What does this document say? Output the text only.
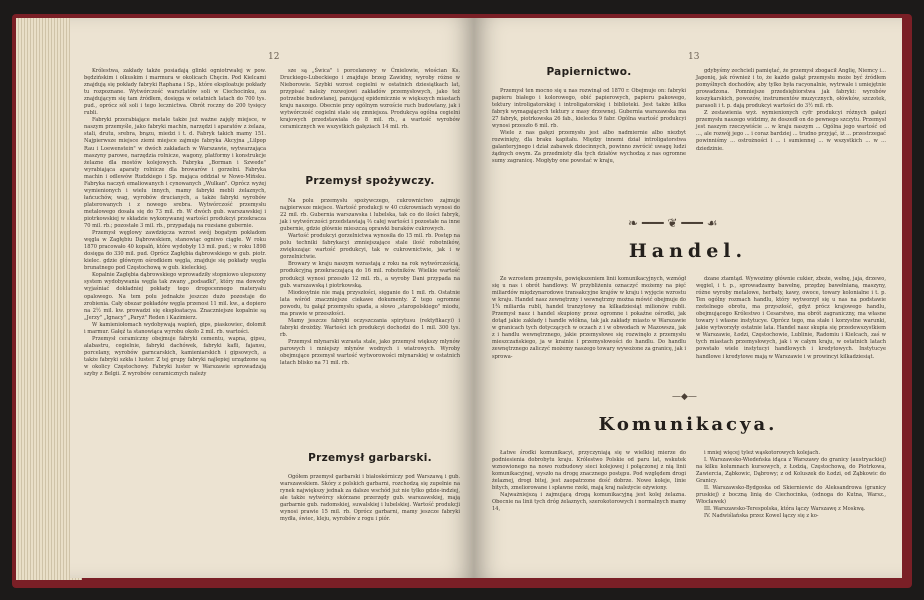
12

Królestwa, zakłady także posiadają glinki ogniotrwałej w pow. będzińskim i olkuskim i marmura w okolicach Chęcin. Pod Kielcami znajdują się pokłady fabryki Raphana i Sp., które eksploatuje pokłady tu rozpoznane. Wytwórczość warsztatów soli w Ciechocinku, za znajdującym się tam źródłem, dosięga w ostatnich latach do 700 tys. pud., oprócz sól soli i tego lecznictwa. Obrót roczny do 200 tysięcy rubli.

Fabryki przerabiające metale także już ważne zajęły miejsce, w naszym przemyśle, jako fabryki machin, narzędzi i aparatów z żelaza, stali, drutu, srebra, brązu, miedzi i t. d. Fabryk takich mamy 151. Najpierwsze miejsce ziemi miejsce zajmuje fabryka Akcyjna „Lilpop Rau i Loewenstein" w dwóch zakładach w Warszawie, wytwarzająca maszyny parowe, narzędzia rolnicze, wagony, platformy i konstrukcje żelazne dla mostów kolejowych. Fabryka „Borman i Szwede" wyrabiająca aparaty rolnicze dla browarów i gorzelni. Fabryka machin i odlewów Rudzkiego i Sp. mająca oddział w Nowo-Mińsku. Fabryka naczyń emaliowanych i cynowanych „Wulkan". Oprócz wyżej wymienionych i wielu innych, mamy fabryki mebli żelaznych, łańcuchów, wag, wyrobów drucianych, a także fabryki wyrobów platerowanych i z nowego srebra. Wytwórczość przemysłu metalowego dosała się do 73 mil. rb. W dwóch gub. warszawskiej i piotrkowskiej w składzie wykonywanej wartości produkcyi przekracza 70 mil. rb.; pozostałe 3 mil. rb., przypadają na rozsiane gubernie.

Przemysł węglowy zawdzięcza wzrost swój bogatym pokładom węgla w Zagłębiu Dąbrowskiem, stanowiąc ogniwo ciągłe. W roku 1870 pracowało 40 kopalń, które wydobyły 13 mil. pud.; w roku 1898 dosięga do 330 mil. pud. Oprócz Zagłębia dąbrowskiego w gub. piotr. kielec. gdzie głównym ośrodkiem węgla, znajduje się pokłady węgla brunatnego pod Częstochową w gub. kieleckiej.

Kopalnie Zagłębia dąbrowskiego wprowadziły stopniowo ulepszony system wydobywania węgla tak zwany „podsadki", który ma dowody wyjaśniać dokładniej pokłady tego drogocennego materyału opalowego. Na tem polu jednakże jeszcze dużo pozostaje do zrobienia. Cały obszar pokładów węgla przenosi 11 mil. kw., a dopiero na 2½ mil. kw. prowadzi się eksploatacya. Znaczniejsze kopalnie są „Jerzy" „Ignacy" „Paryż" Reden i Kazimierz.

W kamieniołomach wydobywają wapień, gips, piaskowiec, dolomit i marmur. Gałęź ta stanowiąca wyrobu około 2 mil. rb. wartości.

Przemysł ceramiczny obejmuje fabryki cementu, wapna, gipsu, alabastru, cegielnie, fabryki dachówek, fabryki kafli, fajansu, porcelany, wyrobów garncarskich, kamieniarskich i gipsowych, a także fabryki szkła i luster. Z tej grupy fabryki najlepiej urządzone są w okolicy Częstochowy. Fabryki luster w Warszawie sprowadzają szyby z Belgii. Z wyrobów ceramicznych należy

sze są „Świca" i porcelanowy w Ćmielowie, włościan Ks. Druckiego-Lubeckiego i znajduje brzeg Zawidny, wyroby różne w Nieborowie. Szybki wzrost cegielni w ostatnich dziesiątkach lat, przypisać należy rozwojowi zakładów przemysłowych, jako też potrzebie budowlanej, panującej epidemicznie w większych miastach kraju naszego. Obecnie przy ogólnym wzroście ruch budowlany, jak i wytwórczość cegielni stale się zmniejsza. Produkcya ogólna cegielni krajowych przedstawiała do 8 mil. rb., a wartość wyrobów ceramicznych we wszystkich gałęziach 14 mil. rb.

Przemysł spożywczy.

Na polu przemysłu spożywczego, cukrownictwo zajmuje najpierwsze miejsce. Wartość produkcji w 40 cukrowniach wynosi do 22 mil. rb. Gubernia warszawska i lubelska, tak co do ilości fabryk, jak i wytwórczości przedstawiają ⅔ całej wartości i pozostałe na inne gubernie, gdzie głównie mieszczą oprawki buraków cukrowych.

Wartość produkcyi gorzelnictwa wynosiła do 15 mil. rb. Postęp na polu techniki fabrykacyi zmniejszające stale ilość robotników, zwiększając wartość produkcyi, tak w cukrownictwie, jak i w gorzelnictwie.

Browary w kraju naszym wzrastają z roku na rok wytwórczością, produkcyjną przekraczającą do 16 mil. robotników. Wielkie wartość produkcji wynosi przeszło 12 mil. rb., a wyroby Dani przypada na gub. warszawską i piotrkowską.

Miodosytnie nie mają przyszłości, sięganie do 1 mil. rb. Ostatnie lata wśród znaczniejsze ciekawe dokumenty. Z tego ogromne powodu, tu gałąź przemysłu spada, a słowo „staropolskiego" miodu, ma prawie w przeszłości.

Mamy jeszcze fabryki oczyszczania spirytusu (rektyfikacyi) i fabryki drożdży. Wartości ich produkcyi dochodzi do 1 mil. 300 tys. rb.

Przemysł młynarski wzrasta stale, jako przemysł większy młynów parowych i mniejszy młynów wodnych i wiatrowych. Wyroby obejmujące przemysł wartość wytworowości młynarskiej w ostatnich latach blisko na 71 mil. rb.

Przemysł garbarski.

Ogółem przemysł garbarski i białoskórniczy pod Warszawą i gub. warszawskiem. Skóry z polskich garbarni, rozchodzą się zupełnie na rynek największy jednak za dalsze wschód już nie tylko gdzie-indziej, ale także wytwórcy skórzane przerzędy gub. warszawskiej, mają garbarnie gub. radomskiej, suwalskiej i lubelskiej. Wartość produkcji wynosi prawie 15 mil. rb. Oprócz garbarni, mamy jeszcze fabryki mydła, świec, kleju, wyrobów z rogu i piór.

13
Papiernictwo.

Przemysł ten mocno się u nas rozwinął od 1870 r. Obejmuje on: fabryki papieru białego i kolorowego, obić papierowych, papieru pakowego, tektury introligatorskiej i introligatorskiej i biblioteki. Jest także kilka fabryk wymagających tektury z masy drzewnej. Gubernia warszawska ma 27 fabryk, piotrkowska 26 fab., kielecka 9 fabr. Ogólna wartość produkcyi wynosi przeszło 6 mil. rb.

Wiele z nas gałęzi przemysłu jest albo nadmiernie albo niezbyt rozwinięty, dla braku kapitału. Między innemi dział introligatorstwa galanteryjnego i dział zabawek dziecinnych, powinno zwrócić uwagę ludzi żądnych owym. Za przedmioty dla tych działów wychodzą z nas ogromne sumy zagranicę. Mogłyby one powstać w kraju,

gdybyśmy zechcieli pamiętać, że przemysł zbogacił Anglię, Niemcy i... Japonię, jak również i to, że każdo gałąź przemysłu może być źródłem pomyślnych dochodów, aby tylko była racyonalnie, wytrwale i umiejętnie prowadzona. Pomniejsze przedsiębiorstwa jak fabryki: wyrobów koszykarskich, powozów, instrumentów muzycznych, ołówków, szczotek, parasoli i t. p. dają produkcyi wartości do 3½ mil. rb.

Z zestawienia wyż. wymienionych cyfr produkcyi różnych gałęzi przemysłu naszego widzimy, że doszedł on do pewnego szczytu. Przemysł jest naszym rzeczywiście ... w kraju naszym ... Ogólna jego wartość od ..., ale rozwój jego ... i coraz bardziej ... trudno przyjąć, iż ... przestrzegać powinniśmy ... ostrożności i ... i sumiennej ... w wszystkich ... w ... dziedzinie.

❧ ━━━ ❦ ━━━ ☙
Handel.

Ze wzrostem przemysłu, powiększeniem linii komunikacyjnych, wzmógł się u nas i obrót handlowy. W przybliżeniu oznaczyć możemy na pięć miliardów międzynarodowe transakcyjne krajów w kraju i wyjęcie wzrostu w kraju. Handel nasz zewnętrzny i wewnętrzny można mówić obejmuje do 1¾ miliarda rubli, handel tranzytowy na kilkadziesiąt milionów rubli. Przemysł nasz i handel skupiony przez ogromne i pokaźne ośrodki, jak dotąd jakie zakłady i handle włókna, tak jak zakłady miasto w Warszawie w granicach tych dotyczących w oczach z i w obwodach w Mazowszu, jak z i handlu wewnętrznego, jakie przemysłowe się rozwinęło z przemysłu mieszczańskiego, ja w krainie i przemysłowości do handlu. Do handlu zewnętrznego zaliczyć możemy naszego towary wywożone za granicę, jak i sprowa-

dzane ztamtąd. Wywozimy głównie cukier, zboże, wełnę, jaja, drzewo, węgiel, i t. p., sprowadzamy bawełnę, przędzę bawełnianą, maszyny, różne wyroby metalowe, herbaty, kawy, owoce, towary kolonialne i t. p. Ten ogólny rozmach handlu, który wytworzył się u nas na podstawie rzetelnego obrotu, ma przyszłość, gdyż prócz krajowego handlu, obejmującego Królestwo i Cesarstwo, ma obrót zagraniczny, ma własne towary i własne instytucye. Oprócz tego, ma stałe i korzystne warunki, jakie wytworzyły ostatnie lata. Handel nasz skupia się przedewszystkiem w Warszawie, Łodzi, Częstochowie, Lublinie, Radomiu i Kielcach, zaś w tych miastach przemysłowych, jak i w całym kraju, w ostatnich latach powstało wiele instytucyi handlowych i kredytowych. Instytucye handlowe i kredytowe mają w Warszawie i w prowincyi kilkadziesiąt.

—◆—
Komunikacya.

Łatwe środki komunikacyi, przyczyniają się w wielkiej mierze do podniesienia dobrobytu kraju. Królestwo Polskie od paru lat, wskutek wznowionego na nowo rozbudowy sieci kolejowej i połączonej z nią linii komunikacyjnej, wyszło na drogę znacznego postępu. Pod względem drogi żelaznej, drogi bitej, jest zaopatrzone dość dobrze. Nowe koleje, linie bitych, zmeliorowane i spławne rzeki, mają kraj należycie ożywiony.

Najważniejszą i zajmującą drogą komunikacyjną jest kolej żelazna. Obecnie na linii tych dróg żelaznych, szerokotorowych i normalnych mamy 14,

i mniej więcej tyleż wąskotorowych kolejach.

I. Warszawsko-Wiedeńska idąca z Warszawy do granicy (austryackiej) na kilku kolumnach kursowych, z Łodzią, Częstochową, do Piotrkowa, Zawiercia, Ząbkowic, Dąbrowy; z od Koluszek do Łodzi, od Ząbkowic do Granicy.

II. Warszawsko-Bydgoska od Skierniewic do Aleksandrowa (granicy pruskiej) z boczną linią do Ciechocinka, (odnoga do Kutna, Warsz., Włocławek)

III. Warszawsko-Terespolska, która łączy Warszawę z Moskwą.

IV. Nadwiślańska przez Kowel łączy się z ko-
